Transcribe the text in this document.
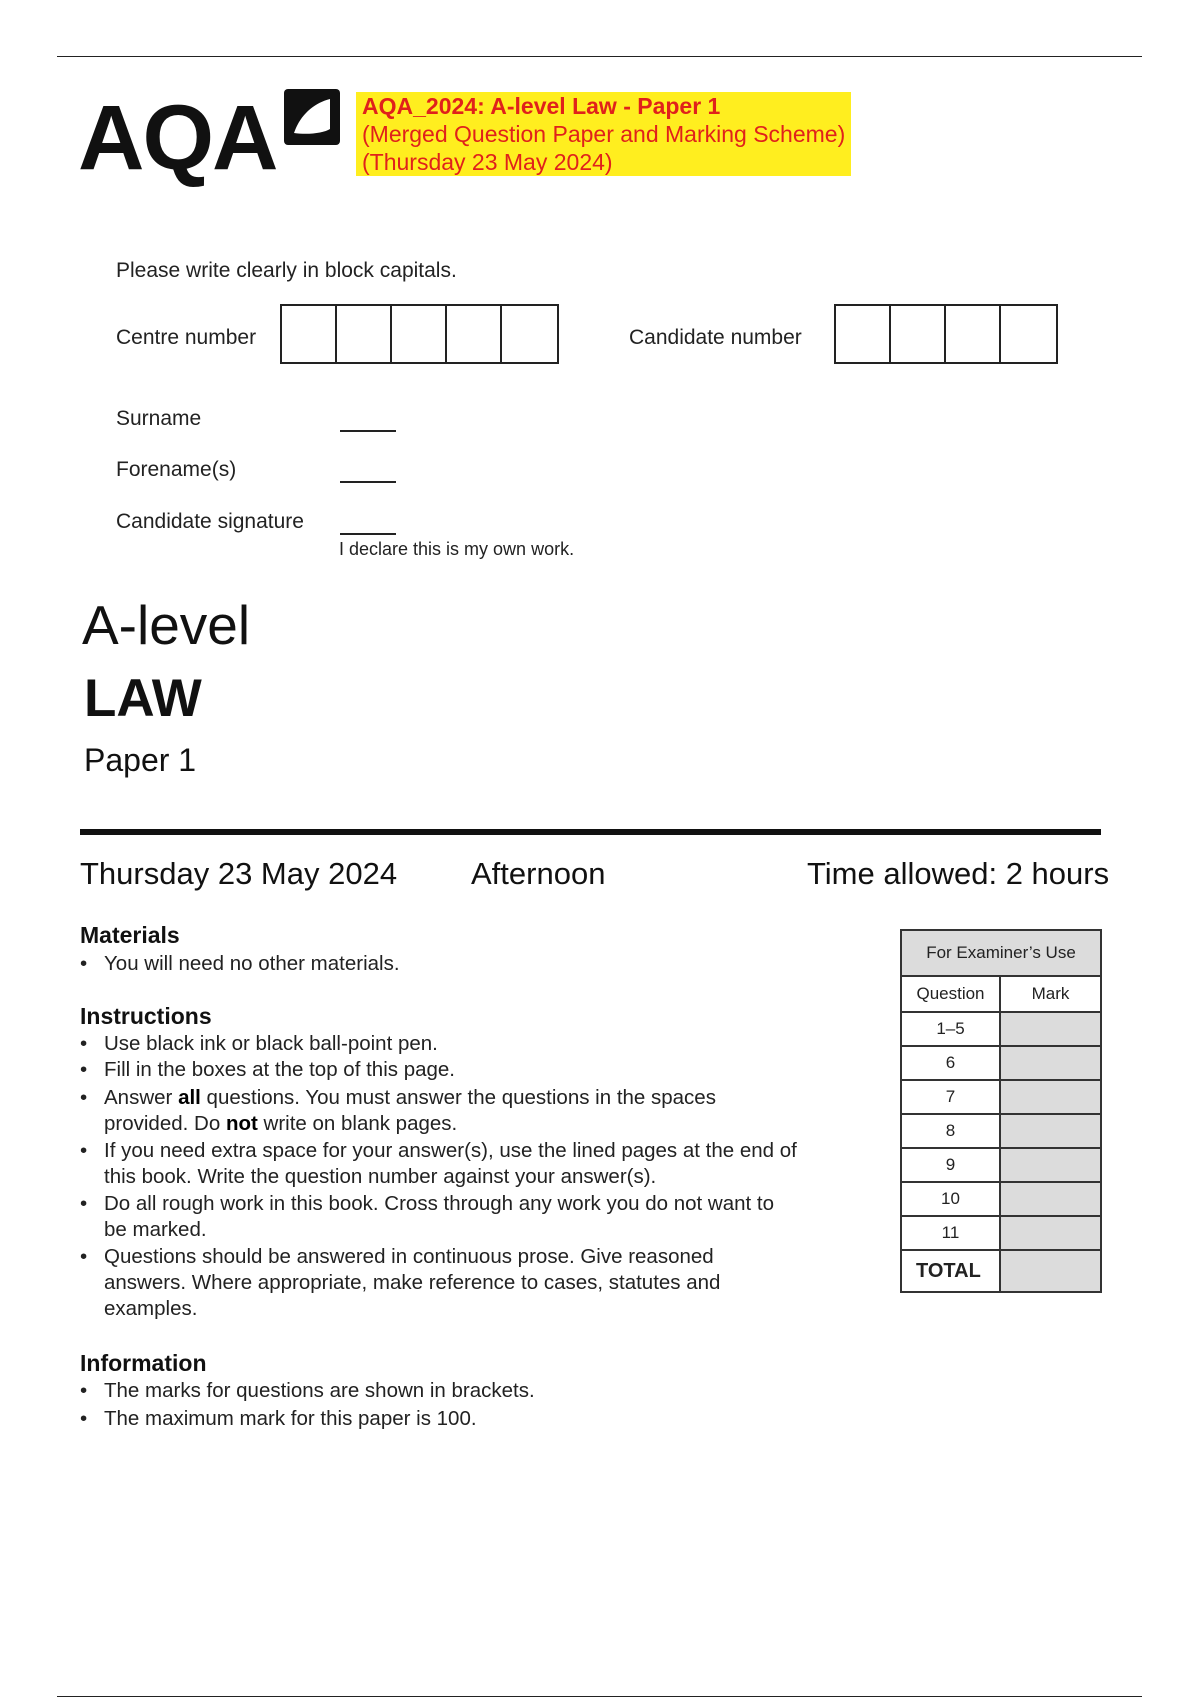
AQA	AQA_2024: A-level Law - Paper 1
(Merged Question Paper and Marking Scheme)
(Thursday 23 May 2024)
Please write clearly in block capitals.
Centre number	Candidate number
Surname
Forename(s)
Candidate signature
I declare this is my own work.
A-level
LAW
Paper 1
Thursday 23 May 2024 Afternoon	Time allowed: 2 hours
Materials
• You will need no other materials.
Instructions
• Use black ink or black ball-point pen.
• Fill in the boxes at the top of this page.
• Answer all questions. You must answer the questions in the spaces
provided. Do not write on blank pages.
• If you need extra space for your answer(s), use the lined pages at the end of
this book. Write the question number against your answer(s).
• Do all rough work in this book. Cross through any work you do not want to
be marked.
• Questions should be answered in continuous prose. Give reasoned
answers. Where appropriate, make reference to cases, statutes and
examples.
Information
• The marks for questions are shown in brackets.
• The maximum mark for this paper is 100.
For Examiner’s Use	
Question	Mark
1–5	
6	
7	
8	
9	
10	
11	
TOTAL	
